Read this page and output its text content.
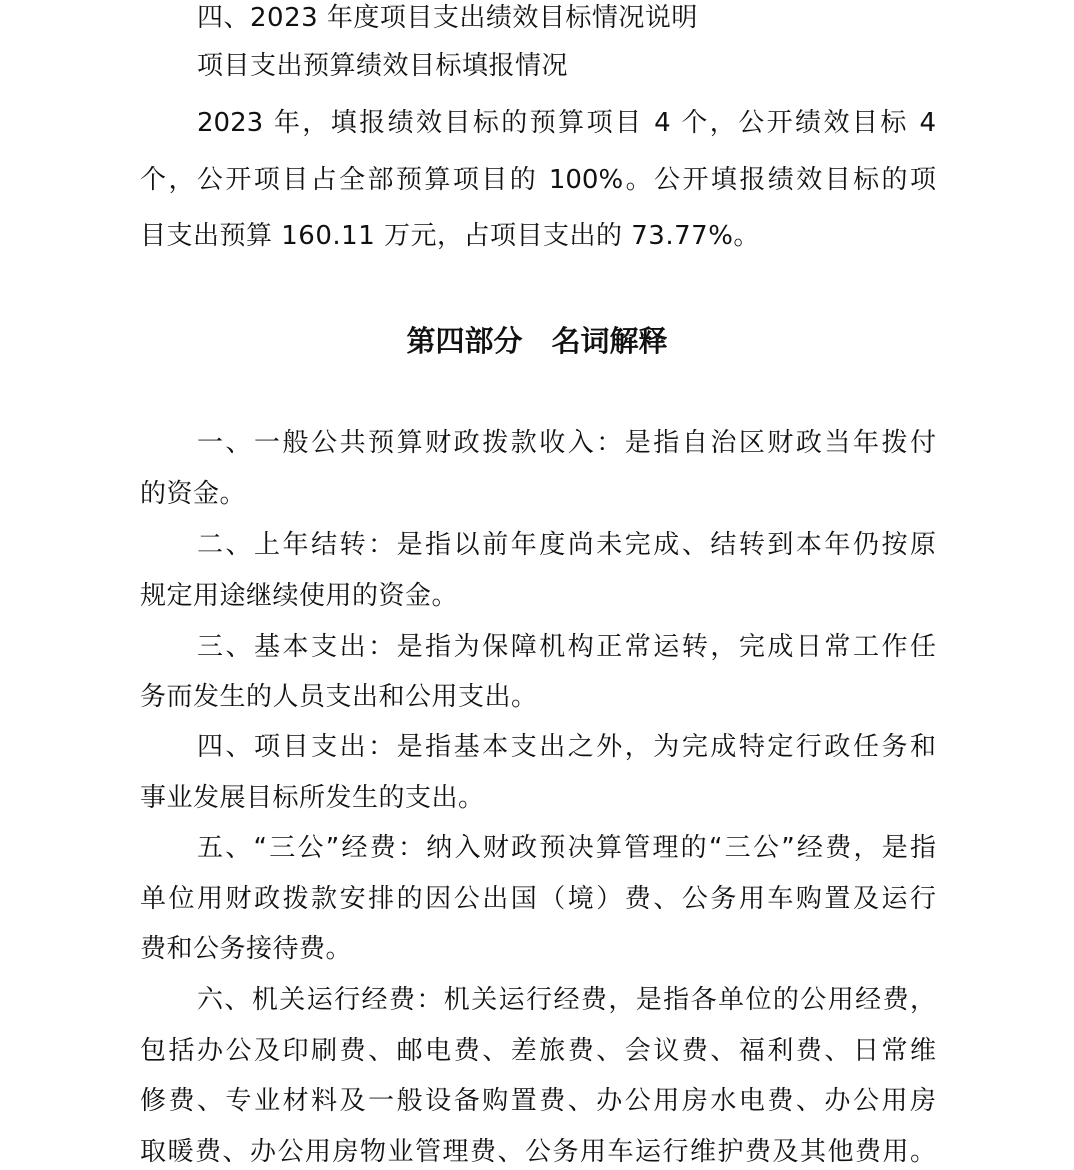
四、2023 年度项目支出绩效目标情况说明
项目支出预算绩效目标填报情况
2023 年，填报绩效目标的预算项目 4 个，公开绩效目标 4
个，公开项目占全部预算项目的 100%。公开填报绩效目标的项
目支出预算 160.11 万元，占项目支出的 73.77%。
第四部分　名词解释
一、一般公共预算财政拨款收入：是指自治区财政当年拨付
的资金。
二、上年结转：是指以前年度尚未完成、结转到本年仍按原
规定用途继续使用的资金。
三、基本支出：是指为保障机构正常运转，完成日常工作任
务而发生的人员支出和公用支出。
四、项目支出：是指基本支出之外，为完成特定行政任务和
事业发展目标所发生的支出。
五、“三公”经费：纳入财政预决算管理的“三公”经费，是指
单位用财政拨款安排的因公出国（境）费、公务用车购置及运行
费和公务接待费。
六、机关运行经费：机关运行经费，是指各单位的公用经费，
包括办公及印刷费、邮电费、差旅费、会议费、福利费、日常维
修费、专业材料及一般设备购置费、办公用房水电费、办公用房
取暖费、办公用房物业管理费、公务用车运行维护费及其他费用。
